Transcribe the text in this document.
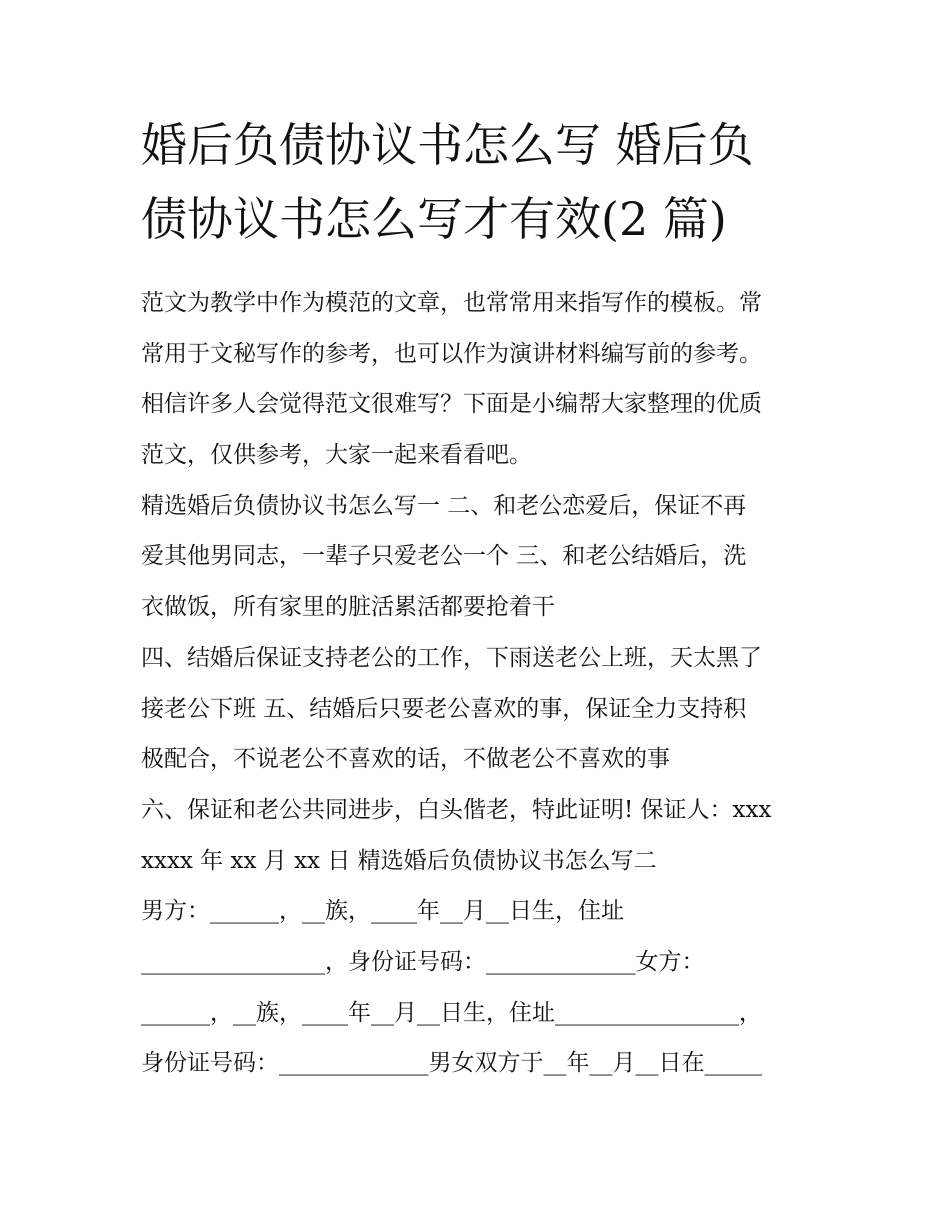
婚后负债协议书怎么写 婚后负
债协议书怎么写才有效(2 篇)
范文为教学中作为模范的文章，也常常用来指写作的模板。常
常用于文秘写作的参考，也可以作为演讲材料编写前的参考。
相信许多人会觉得范文很难写？下面是小编帮大家整理的优质
范文，仅供参考，大家一起来看看吧。
精选婚后负债协议书怎么写一 二、和老公恋爱后，保证不再
爱其他男同志，一辈子只爱老公一个 三、和老公结婚后，洗
衣做饭，所有家里的脏活累活都要抢着干
四、结婚后保证支持老公的工作，下雨送老公上班，天太黑了
接老公下班 五、结婚后只要老公喜欢的事，保证全力支持积
极配合，不说老公不喜欢的话，不做老公不喜欢的事
六、保证和老公共同进步，白头偕老，特此证明! 保证人：xxx
xxxx 年 xx 月 xx 日 精选婚后负债协议书怎么写二
男方：______，__族，____年__月__日生，住址
________________，身份证号码：_____________女方：
______，__族，____年__月__日生，住址________________，
身份证号码：_____________男女双方于__年__月__日在_____
